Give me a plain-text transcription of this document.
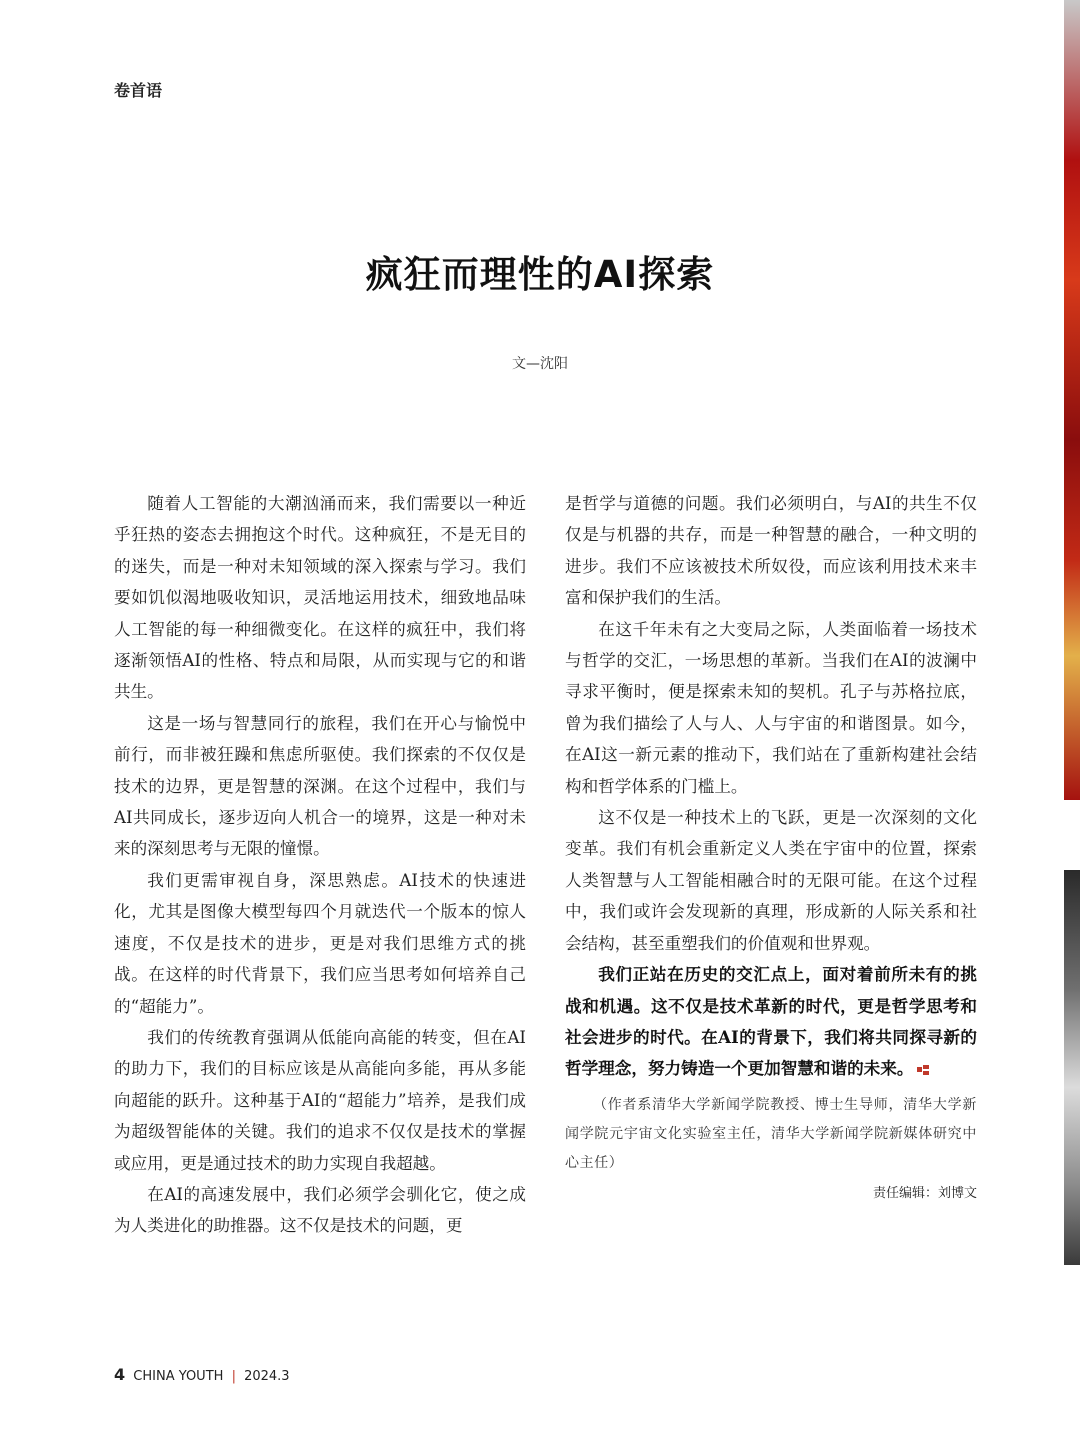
卷首语
疯狂而理性的AI探索
文—沈阳

随着人工智能的大潮汹涌而来，我们需要以一种近乎狂热的姿态去拥抱这个时代。这种疯狂，不是无目的的迷失，而是一种对未知领域的深入探索与学习。我们要如饥似渴地吸收知识，灵活地运用技术，细致地品味人工智能的每一种细微变化。在这样的疯狂中，我们将逐渐领悟AI的性格、特点和局限，从而实现与它的和谐共生。

这是一场与智慧同行的旅程，我们在开心与愉悦中前行，而非被狂躁和焦虑所驱使。我们探索的不仅仅是技术的边界，更是智慧的深渊。在这个过程中，我们与AI共同成长，逐步迈向人机合一的境界，这是一种对未来的深刻思考与无限的憧憬。

我们更需审视自身，深思熟虑。AI技术的快速进化，尤其是图像大模型每四个月就迭代一个版本的惊人速度，不仅是技术的进步，更是对我们思维方式的挑战。在这样的时代背景下，我们应当思考如何培养自己的“超能力”。

我们的传统教育强调从低能向高能的转变，但在AI的助力下，我们的目标应该是从高能向多能，再从多能向超能的跃升。这种基于AI的“超能力”培养，是我们成为超级智能体的关键。我们的追求不仅仅是技术的掌握或应用，更是通过技术的助力实现自我超越。

在AI的高速发展中，我们必须学会驯化它，使之成为人类进化的助推器。这不仅是技术的问题，更

是哲学与道德的问题。我们必须明白，与AI的共生不仅仅是与机器的共存，而是一种智慧的融合，一种文明的进步。我们不应该被技术所奴役，而应该利用技术来丰富和保护我们的生活。

在这千年未有之大变局之际，人类面临着一场技术与哲学的交汇，一场思想的革新。当我们在AI的波澜中寻求平衡时，便是探索未知的契机。孔子与苏格拉底，曾为我们描绘了人与人、人与宇宙的和谐图景。如今，在AI这一新元素的推动下，我们站在了重新构建社会结构和哲学体系的门槛上。

这不仅是一种技术上的飞跃，更是一次深刻的文化变革。我们有机会重新定义人类在宇宙中的位置，探索人类智慧与人工智能相融合时的无限可能。在这个过程中，我们或许会发现新的真理，形成新的人际关系和社会结构，甚至重塑我们的价值观和世界观。

我们正站在历史的交汇点上，面对着前所未有的挑战和机遇。这不仅是技术革新的时代，更是哲学思考和社会进步的时代。在AI的背景下，我们将共同探寻新的哲学理念，努力铸造一个更加智慧和谐的未来。

（作者系清华大学新闻学院教授、博士生导师，清华大学新闻学院元宇宙文化实验室主任，清华大学新闻学院新媒体研究中心主任）
责任编辑：刘博文
4 CHINA YOUTH | 2024.3
